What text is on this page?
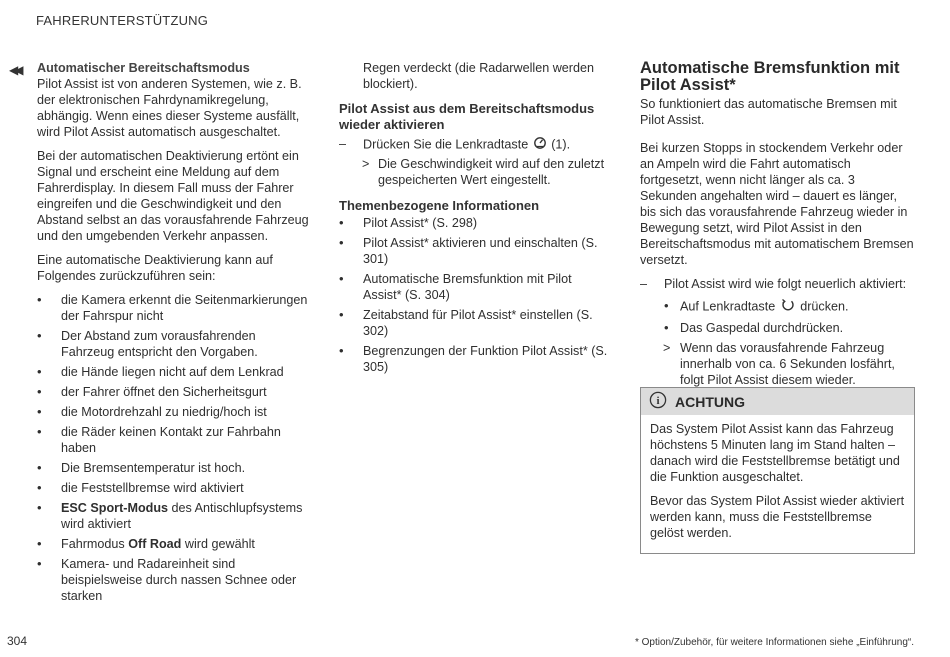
FAHRERUNTERSTÜTZUNG
◀◀ Automatischer Bereitschaftsmodus

Pilot Assist ist von anderen Systemen, wie z. B. der elektronischen Fahrdynamikregelung, abhängig. Wenn eines dieser Systeme ausfällt, wird Pilot Assist automatisch ausgeschaltet.

Bei der automatischen Deaktivierung ertönt ein Signal und erscheint eine Meldung auf dem Fahrerdisplay. In diesem Fall muss der Fahrer eingreifen und die Geschwindigkeit und den Abstand selbst an das vorausfahrende Fahrzeug und den umgebenden Verkehr anpassen.

Eine automatische Deaktivierung kann auf Folgendes zurückzuführen sein:

• die Kamera erkennt die Seitenmarkierungen der Fahrspur nicht
• Der Abstand zum vorausfahrenden Fahrzeug entspricht den Vorgaben.
• die Hände liegen nicht auf dem Lenkrad
• der Fahrer öffnet den Sicherheitsgurt
• die Motordrehzahl zu niedrig/hoch ist
• die Räder keinen Kontakt zur Fahrbahn haben
• Die Bremsentemperatur ist hoch.
• die Feststellbremse wird aktiviert
• ESC Sport-Modus des Antischlupfsystems wird aktiviert
• Fahrmodus Off Road wird gewählt
• Kamera- und Radareinheit sind beispielsweise durch nassen Schnee oder starken

Regen verdeckt (die Radarwellen werden blockiert).

Pilot Assist aus dem Bereitschaftsmodus wieder aktivieren
– Drücken Sie die Lenkradtaste (1).
> Die Geschwindigkeit wird auf den zuletzt gespeicherten Wert eingestellt.
Themenbezogene Informationen
• Pilot Assist* (S. 298)
• Pilot Assist* aktivieren und einschalten (S. 301)
• Automatische Bremsfunktion mit Pilot Assist* (S. 304)
• Zeitabstand für Pilot Assist* einstellen (S. 302)
• Begrenzungen der Funktion Pilot Assist* (S. 305)
Automatische Bremsfunktion mit Pilot Assist*

So funktioniert das automatische Bremsen mit Pilot Assist.

Bei kurzen Stopps in stockendem Verkehr oder an Ampeln wird die Fahrt automatisch fortgesetzt, wenn nicht länger als ca. 3 Sekunden angehalten wird – dauert es länger, bis sich das vorausfahrende Fahrzeug wieder in Bewegung setzt, wird Pilot Assist in den Bereitschaftsmodus mit automatischem Bremsen versetzt.

– Pilot Assist wird wie folgt neuerlich aktiviert:
• Auf Lenkradtaste drücken.
• Das Gaspedal durchdrücken.
> Wenn das vorausfahrende Fahrzeug innerhalb von ca. 6 Sekunden losfährt, folgt Pilot Assist diesem wieder.
i ACHTUNG

Das System Pilot Assist kann das Fahrzeug höchstens 5 Minuten lang im Stand halten – danach wird die Feststellbremse betätigt und die Funktion ausgeschaltet.

Bevor das System Pilot Assist wieder aktiviert werden kann, muss die Feststellbremse gelöst werden.

304	* Option/Zubehör, für weitere Informationen siehe „Einführung“.
